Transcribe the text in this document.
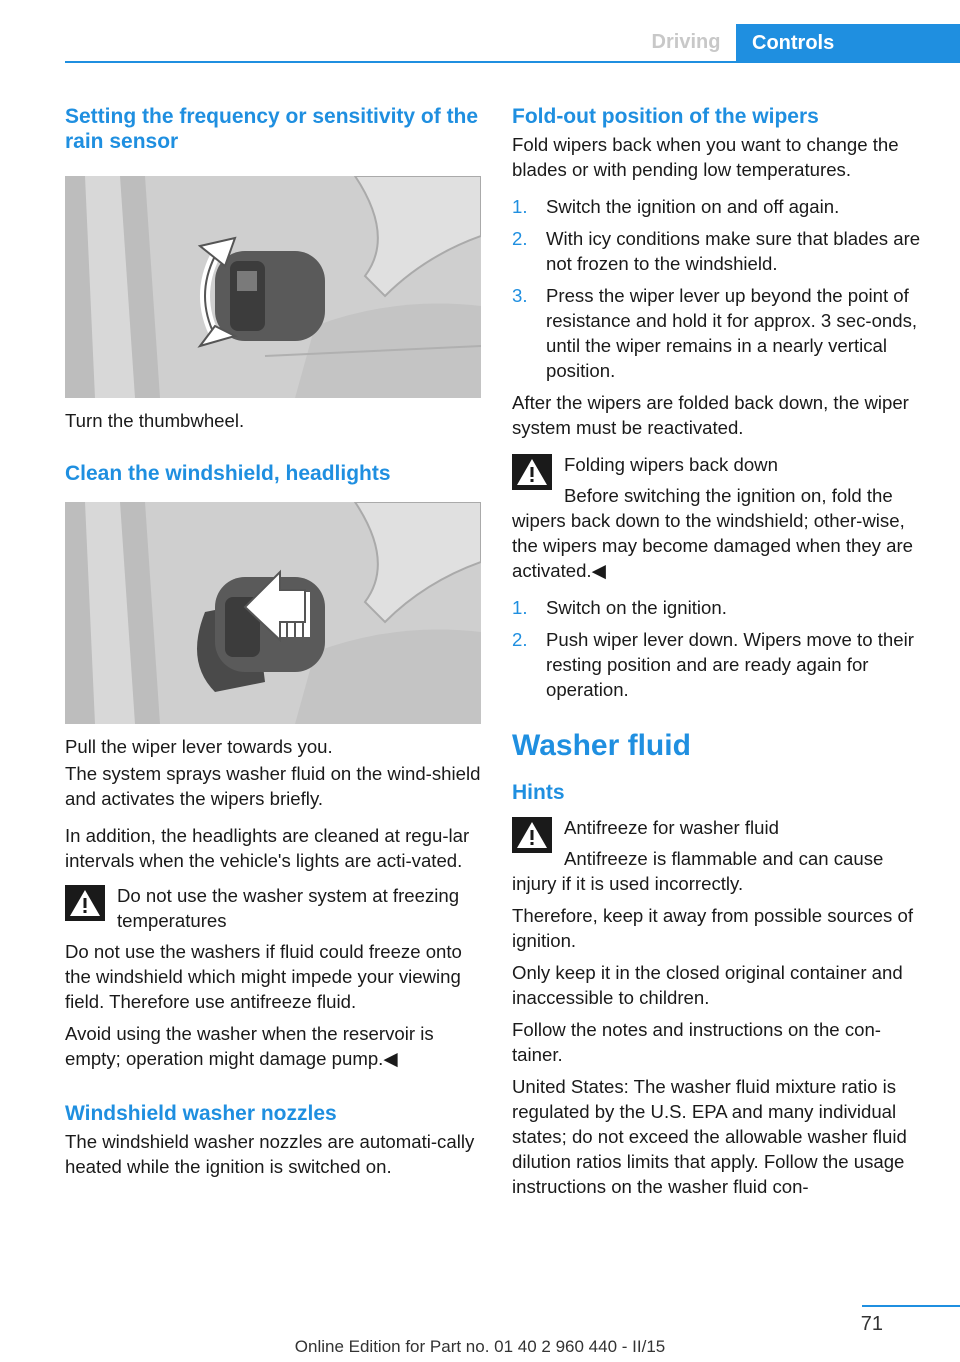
Driving	Controls
Setting the frequency or sensitivity of the rain sensor
Turn the thumbwheel.
Clean the windshield, headlights
Pull the wiper lever towards you.
The system sprays washer fluid on the wind‐shield and activates the wipers briefly.
In addition, the headlights are cleaned at regu‐lar intervals when the vehicle's lights are acti‐vated.
Do not use the washer system at freezing temperatures
Do not use the washers if fluid could freeze onto the windshield which might impede your viewing field. Therefore use antifreeze fluid.
Avoid using the washer when the reservoir is empty; operation might damage pump.◀
Windshield washer nozzles
The windshield washer nozzles are automati‐cally heated while the ignition is switched on.
Fold-out position of the wipers
Fold wipers back when you want to change the blades or with pending low temperatures.
1. Switch the ignition on and off again.
2. With icy conditions make sure that blades are not frozen to the windshield.
3. Press the wiper lever up beyond the point of resistance and hold it for approx. 3 sec‐onds, until the wiper remains in a nearly vertical position.
After the wipers are folded back down, the wiper system must be reactivated.
Folding wipers back down
Before switching the ignition on, fold the wipers back down to the windshield; other‐wise, the wipers may become damaged when they are activated.◀
1. Switch on the ignition.
2. Push wiper lever down. Wipers move to their resting position and are ready again for operation.
Washer fluid
Hints
Antifreeze for washer fluid
Antifreeze is flammable and can cause injury if it is used incorrectly.
Therefore, keep it away from possible sources of ignition.
Only keep it in the closed original container and inaccessible to children.
Follow the notes and instructions on the con‐tainer.
United States: The washer fluid mixture ratio is regulated by the U.S. EPA and many individual states; do not exceed the allowable washer fluid dilution ratios limits that apply. Follow the usage instructions on the washer fluid con‐
71
Online Edition for Part no. 01 40 2 960 440 - II/15
